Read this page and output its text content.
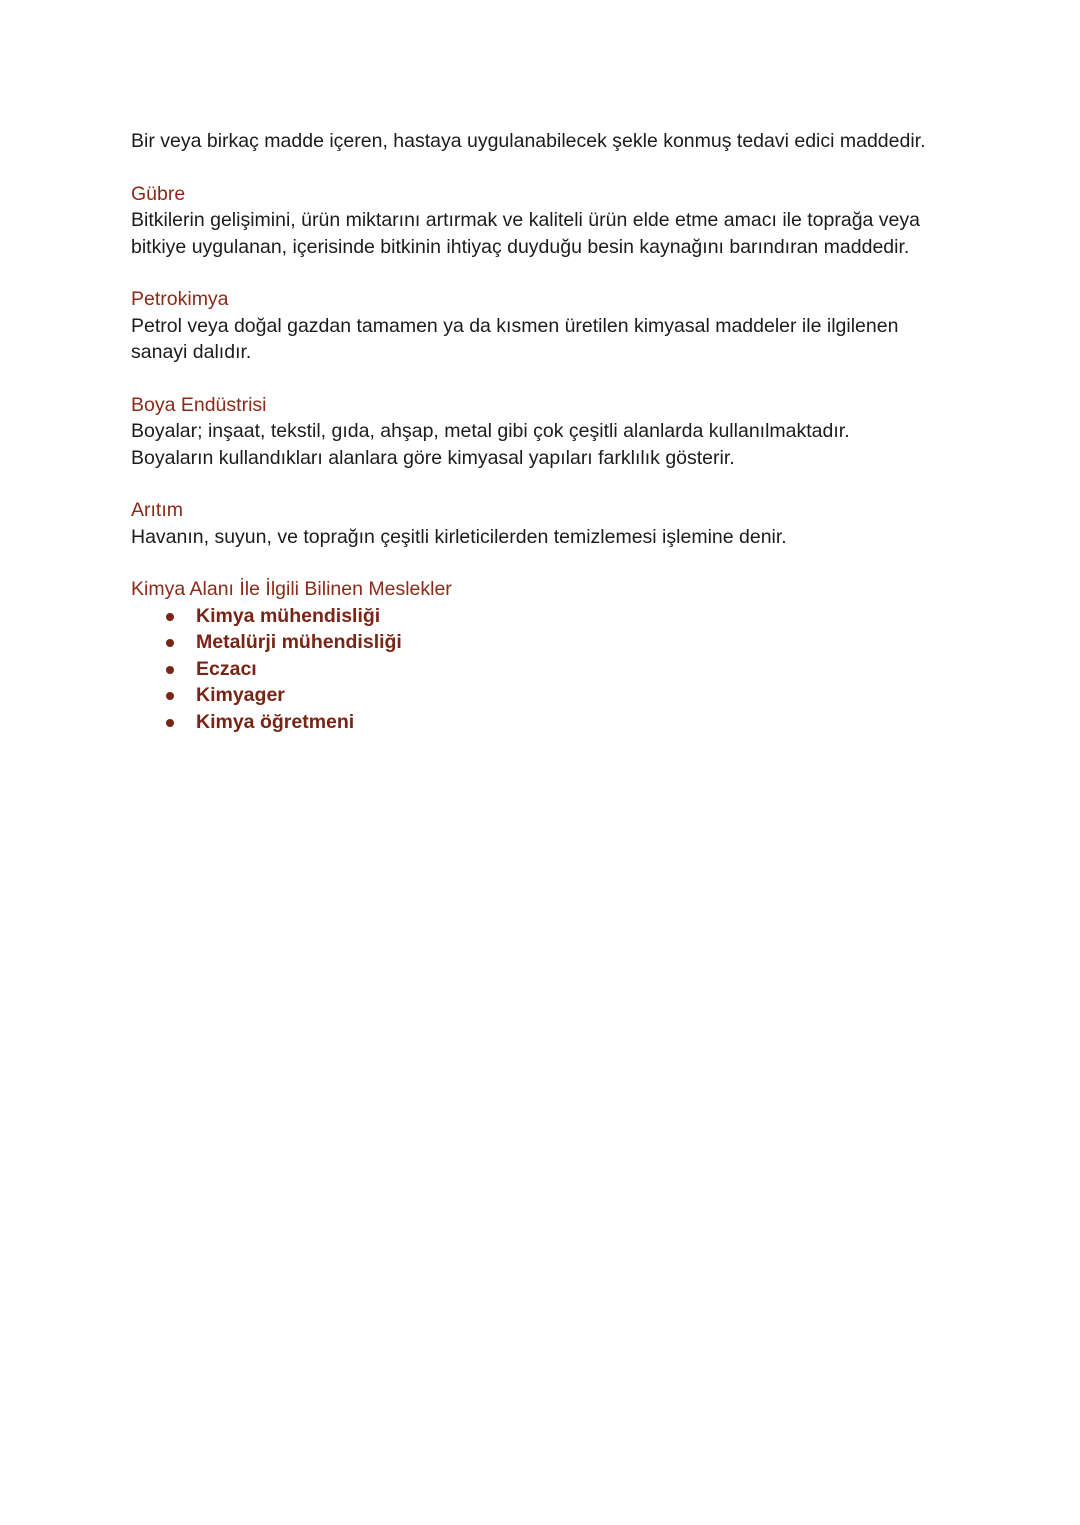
Bir veya birkaç madde içeren, hastaya uygulanabilecek şekle konmuş tedavi edici maddedir.

Gübre

Bitkilerin gelişimini, ürün miktarını artırmak ve kaliteli ürün elde etme amacı ile toprağa veya

bitkiye uygulanan, içerisinde bitkinin ihtiyaç duyduğu besin kaynağını barındıran maddedir.

Petrokimya

Petrol veya doğal gazdan tamamen ya da kısmen üretilen kimyasal maddeler ile ilgilenen

sanayi dalıdır.

Boya Endüstrisi

Boyalar; inşaat, tekstil, gıda, ahşap, metal gibi çok çeşitli alanlarda kullanılmaktadır.

Boyaların kullandıkları alanlara göre kimyasal yapıları farklılık gösterir.

Arıtım

Havanın, suyun, ve toprağın çeşitli kirleticilerden temizlemesi işlemine denir.

Kimya Alanı İle İlgili Bilinen Meslekler

Kimya mühendisliği
Metalürji mühendisliği
Eczacı
Kimyager
Kimya öğretmeni
